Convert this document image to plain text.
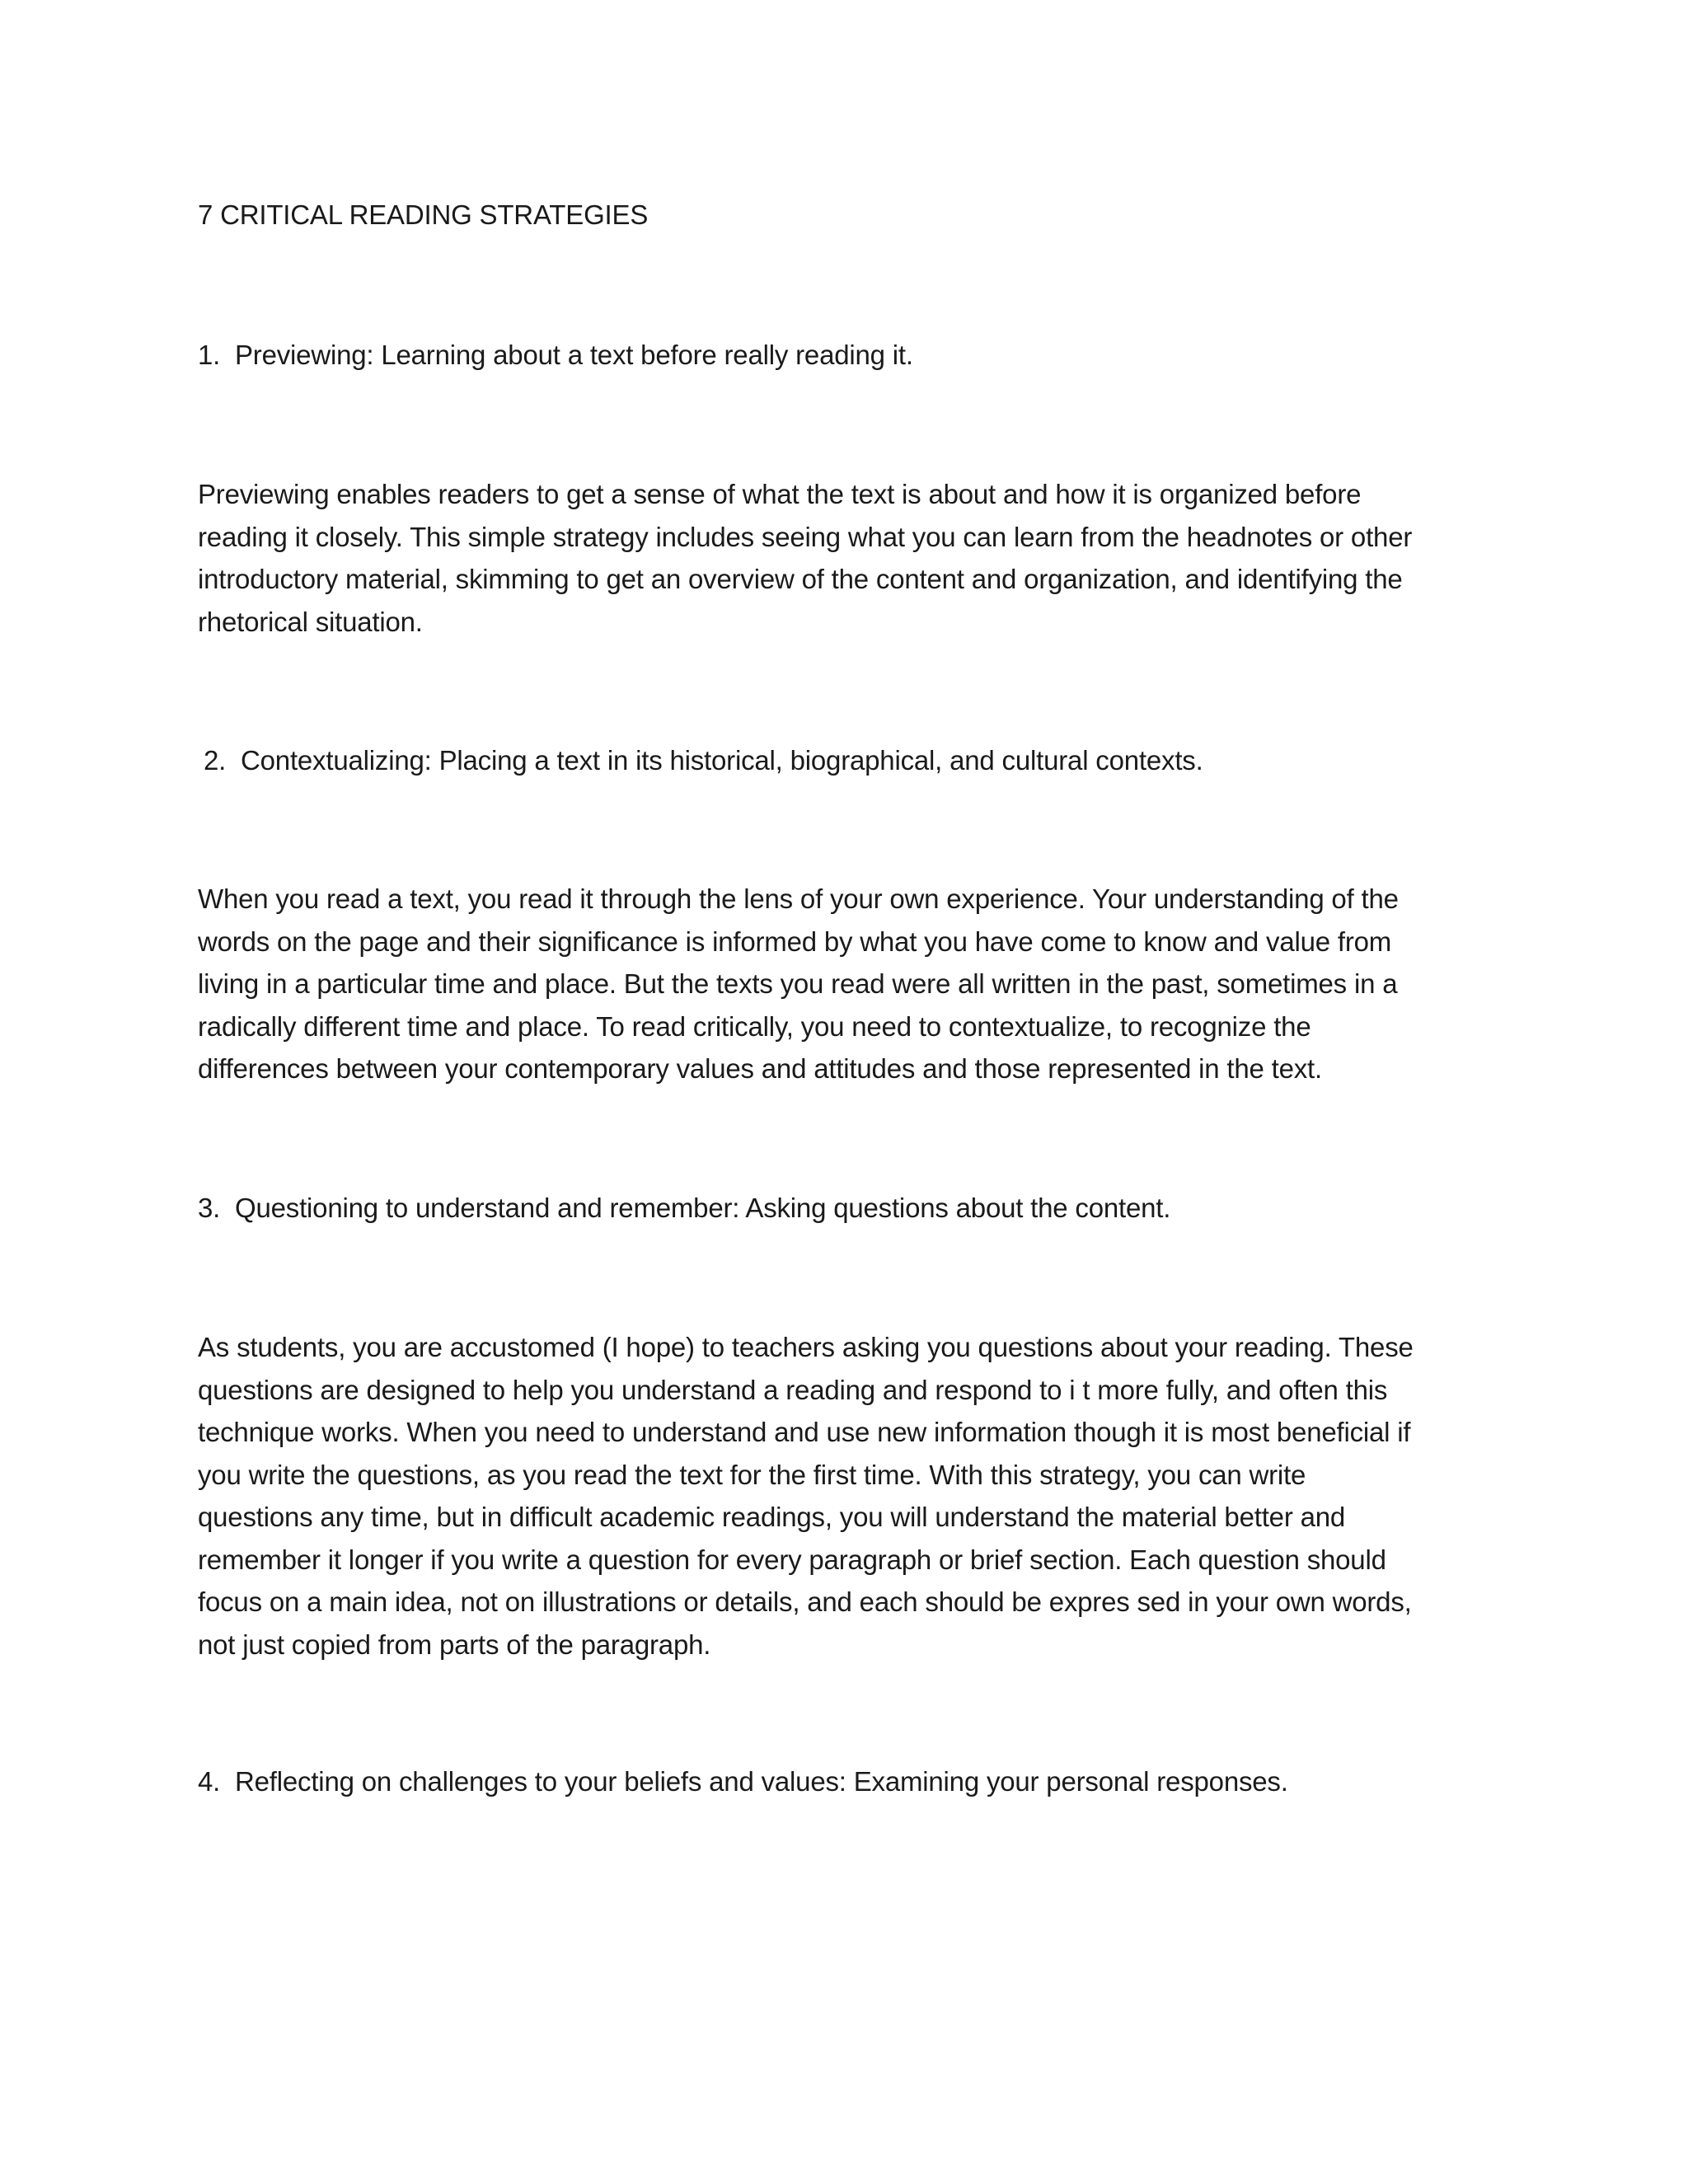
7 CRITICAL READING STRATEGIES

1. Previewing: Learning about a text before really reading it.

Previewing enables readers to get a sense of what the text is about and how it is organized before
reading it closely. This simple strategy includes seeing what you can learn from the headnotes or other
introductory material, skimming to get an overview of the content and organization, and identifying the
rhetorical situation.

2. Contextualizing: Placing a text in its historical, biographical, and cultural contexts.

When you read a text, you read it through the lens of your own experience. Your understanding of the
words on the page and their significance is informed by what you have come to know and value from
living in a particular time and place. But the texts you read were all written in the past, sometimes in a
radically different time and place. To read critically, you need to contextualize, to recognize the
differences between your contemporary values and attitudes and those represented in the text.

3. Questioning to understand and remember: Asking questions about the content.

As students, you are accustomed (I hope) to teachers asking you questions about your reading. These
questions are designed to help you understand a reading and respond to i t more fully, and often this
technique works. When you need to understand and use new information though it is most beneficial if
you write the questions, as you read the text for the first time. With this strategy, you can write
questions any time, but in difficult academic readings, you will understand the material better and
remember it longer if you write a question for every paragraph or brief section. Each question should
focus on a main idea, not on illustrations or details, and each should be expres sed in your own words,
not just copied from parts of the paragraph.

4. Reflecting on challenges to your beliefs and values: Examining your personal responses.
